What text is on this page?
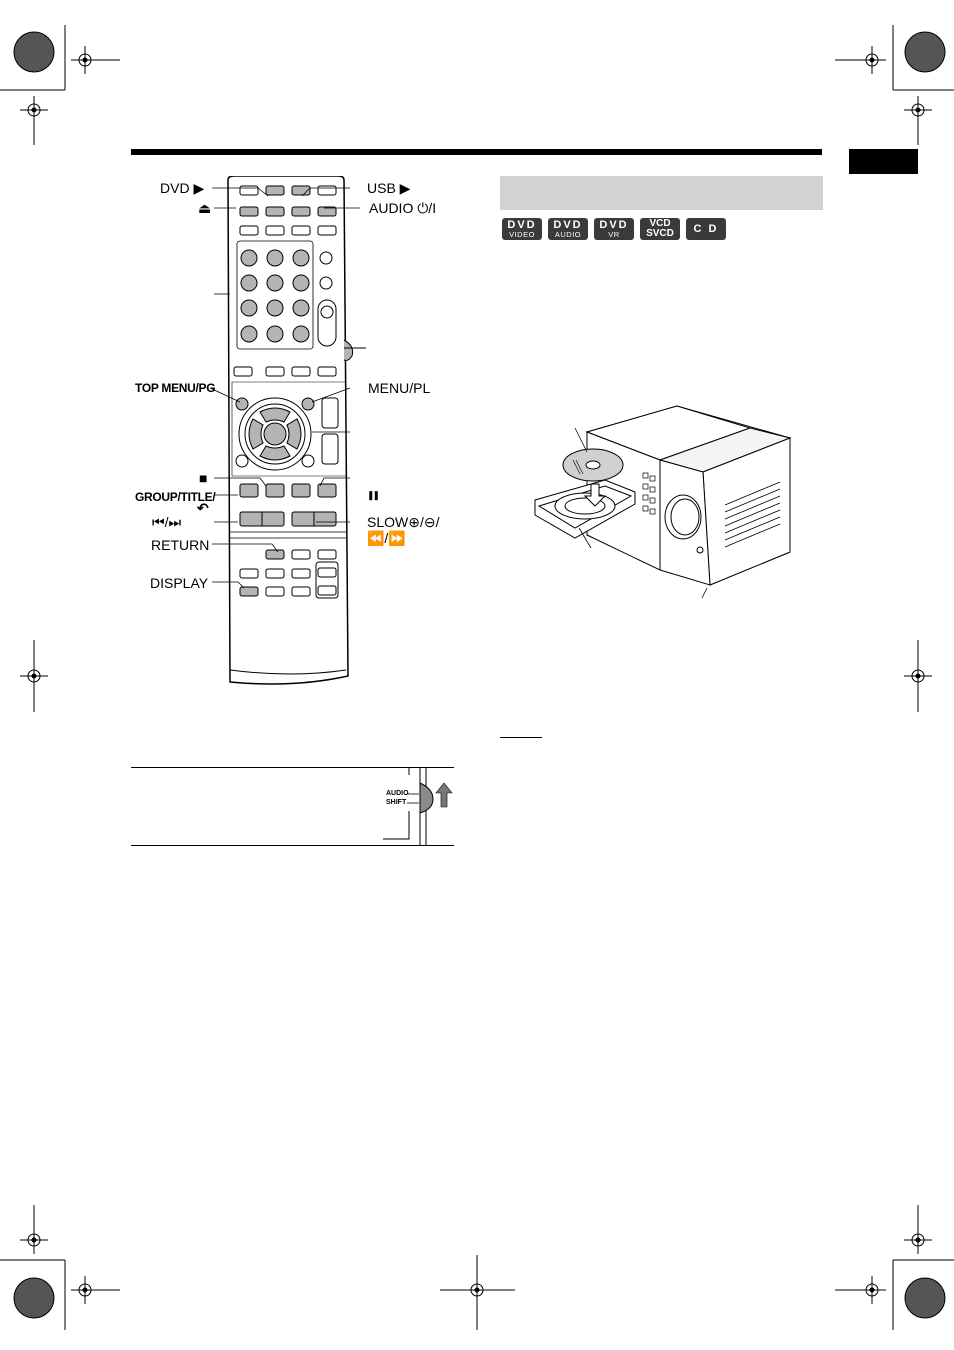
DVD ▶	USB ▶
⏏	AUDIO ⏻/I
TOP MENU/PG	MENU/PL
■
GROUP/TITLE/
↶
❚❚
⏮/⏭	SLOW⊕/⊖/
⏪/⏩
RETURN
DISPLAY
DVD
VIDEO
DVD
AUDIO
DVD
VR
VCD
SVCD	C D
AUDIO
SHIFT
